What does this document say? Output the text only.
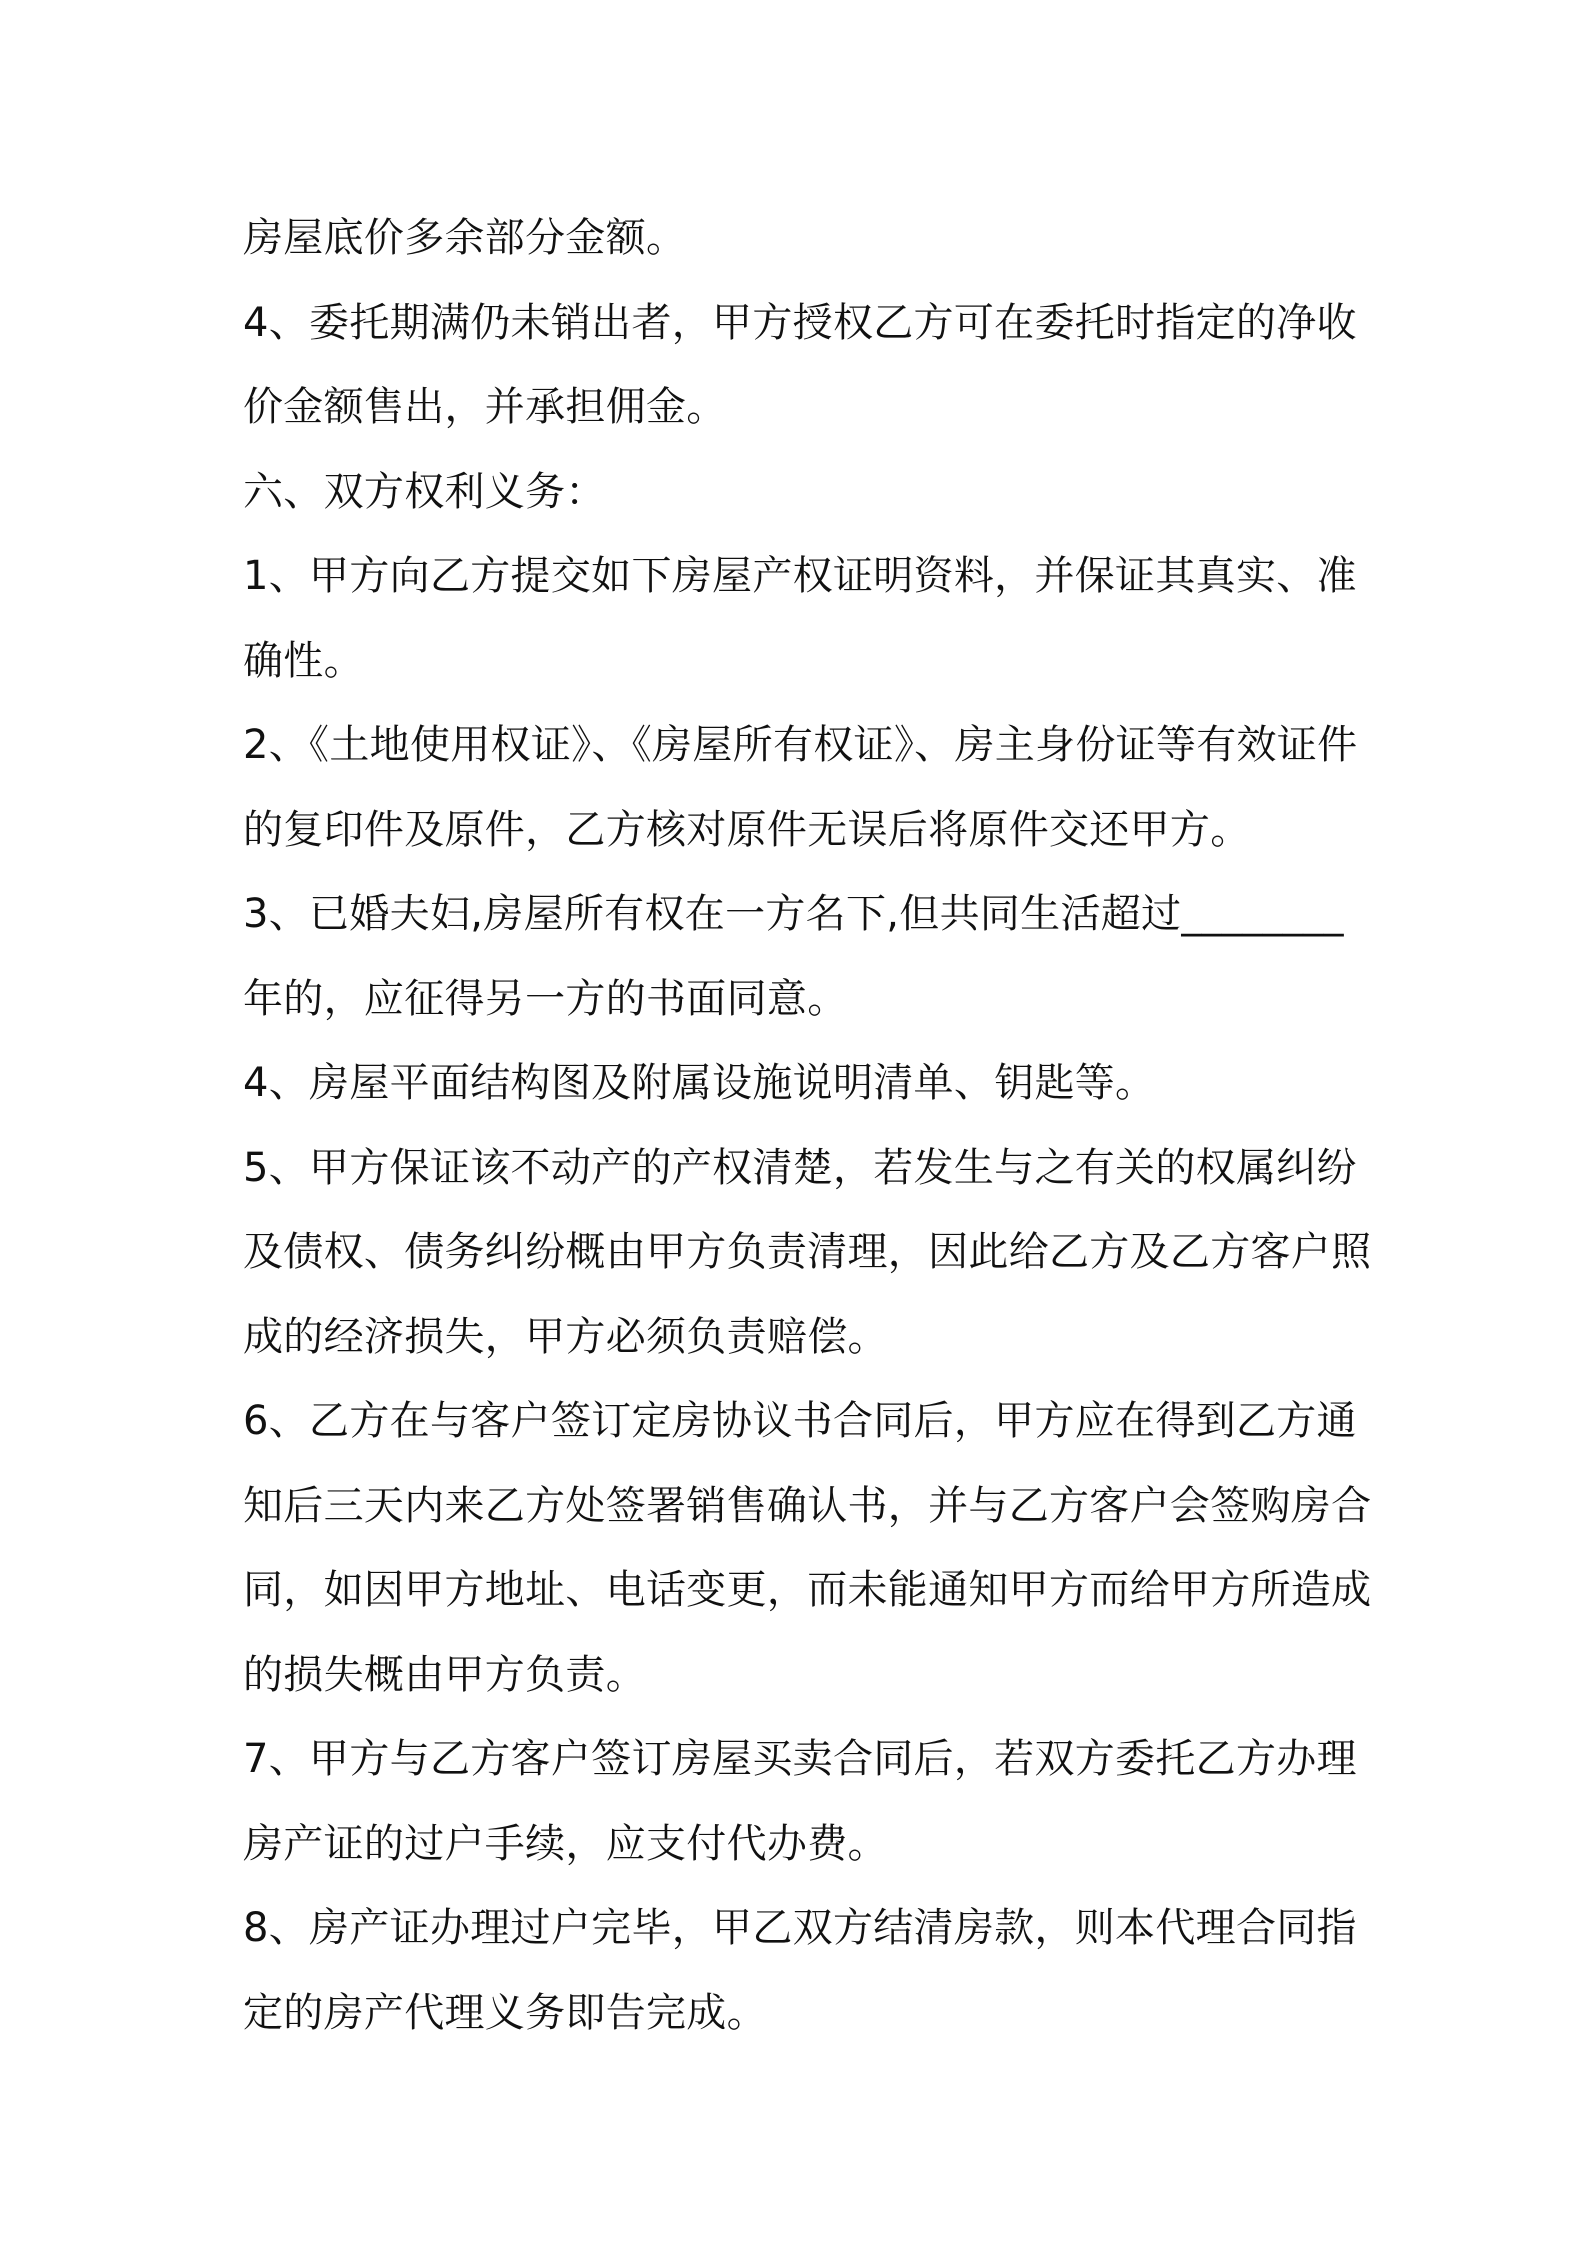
房屋底价多余部分金额。
4、委托期满仍未销出者，甲方授权乙方可在委托时指定的净收
价金额售出，并承担佣金。
六、双方权利义务：
1、甲方向乙方提交如下房屋产权证明资料，并保证其真实、准
确性。
2、《土地使用权证》、《房屋所有权证》、房主身份证等有效证件
的复印件及原件，乙方核对原件无误后将原件交还甲方。
3、已婚夫妇,房屋所有权在一方名下,但共同生活超过________
年的，应征得另一方的书面同意。
4、房屋平面结构图及附属设施说明清单、钥匙等。
5、甲方保证该不动产的产权清楚，若发生与之有关的权属纠纷
及债权、债务纠纷概由甲方负责清理，因此给乙方及乙方客户照
成的经济损失，甲方必须负责赔偿。
6、乙方在与客户签订定房协议书合同后，甲方应在得到乙方通
知后三天内来乙方处签署销售确认书，并与乙方客户会签购房合
同，如因甲方地址、电话变更，而未能通知甲方而给甲方所造成
的损失概由甲方负责。
7、甲方与乙方客户签订房屋买卖合同后，若双方委托乙方办理
房产证的过户手续，应支付代办费。
8、房产证办理过户完毕，甲乙双方结清房款，则本代理合同指
定的房产代理义务即告完成。
